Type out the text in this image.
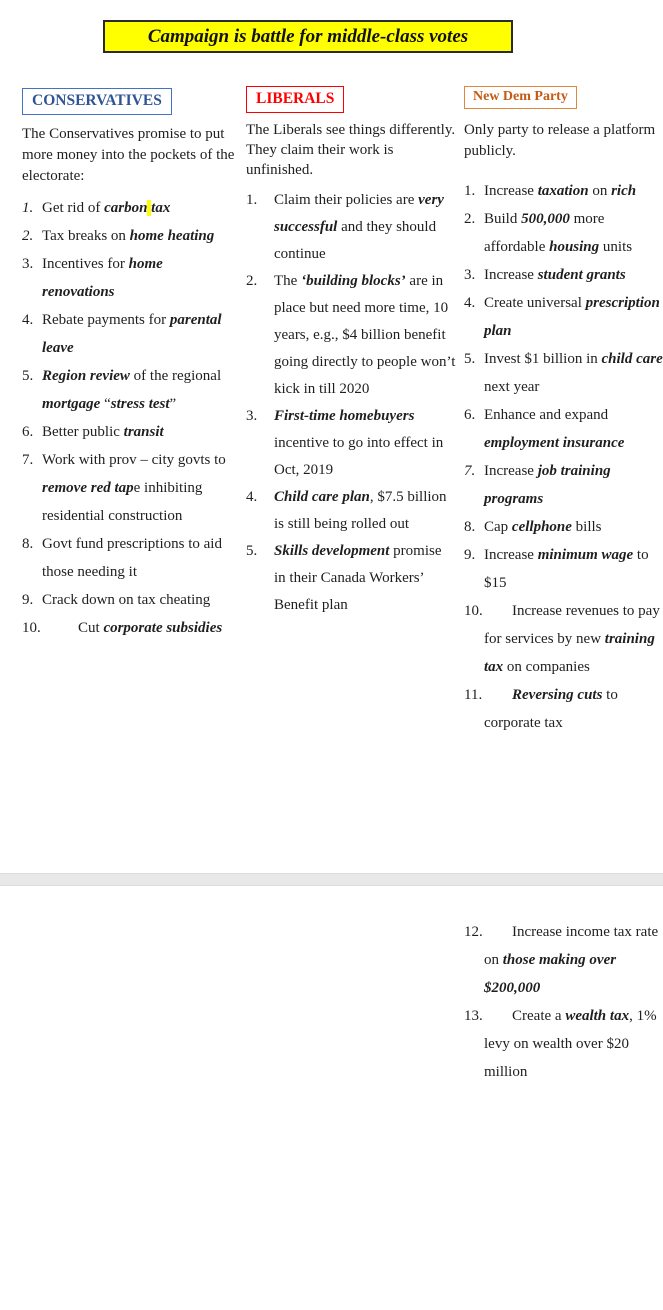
Campaign is battle for middle-class votes
CONSERVATIVES

The Conservatives promise to put more money into the pockets of the electorate:

1. Get rid of carbon tax
2. Tax breaks on home heating
3. Incentives for home renovations
4. Rebate payments for parental leave
5. Region review of the regional mortgage “stress test”
6. Better public transit
7. Work with prov – city govts to remove red tape inhibiting residential construction
8. Govt fund prescriptions to aid those needing it
9. Crack down on tax cheating
10. Cut corporate subsidies
LIBERALS

The Liberals see things differently. They claim their work is unfinished.

1. Claim their policies are very successful and they should continue
2. The ‘building blocks’ are in place but need more time, 10 years, e.g., $4 billion benefit going directly to people won’t kick in till 2020
3. First-time homebuyers incentive to go into effect in Oct, 2019
4. Child care plan, $7.5 billion is still being rolled out
5. Skills development promise in their Canada Workers’ Benefit plan
New Dem Party

Only party to release a platform publicly.

1. Increase taxation on rich
2. Build 500,000 more affordable housing units
3. Increase student grants
4. Create universal prescription plan
5. Invest $1 billion in child care next year
6. Enhance and expand employment insurance
7. Increase job training programs
8. Cap cellphone bills
9. Increase minimum wage to $15
10. Increase revenues to pay for services by new training tax on companies
11. Reversing cuts to corporate tax
12. Increase income tax rate on those making over $200,000
13. Create a wealth tax, 1% levy on wealth over $20 million
